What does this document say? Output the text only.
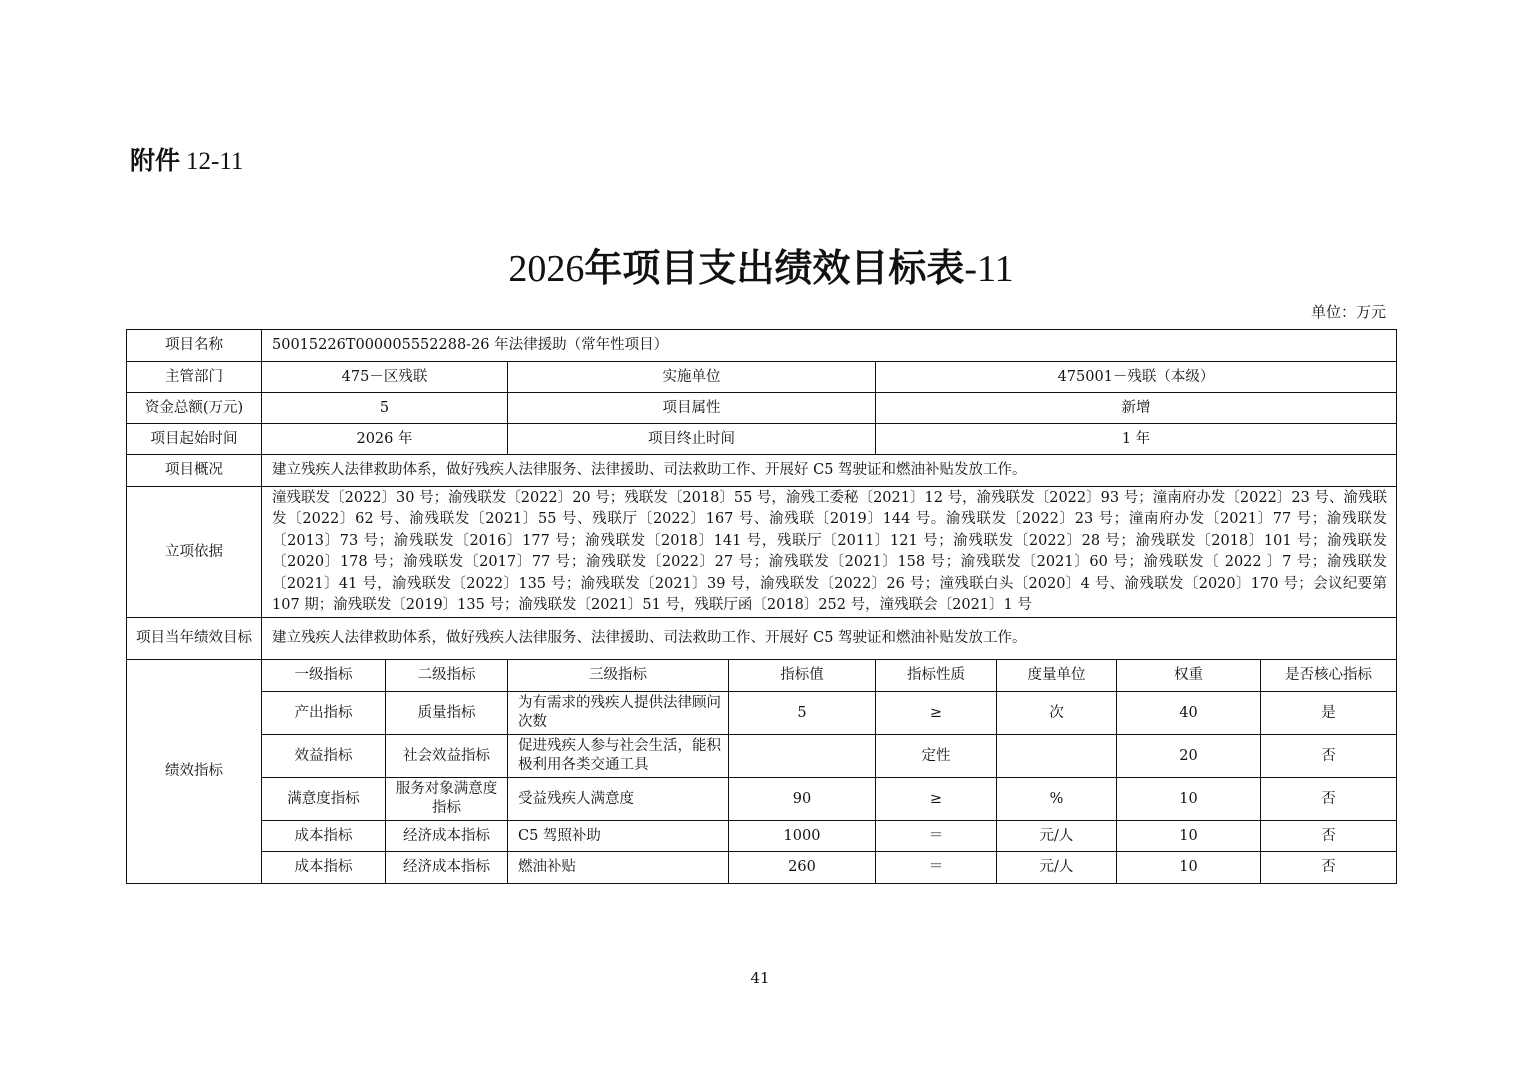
附件 12-11
2026年项目支出绩效目标表-11
单位：万元
项目名称	50015226T000005552288-26 年法律援助（常年性项目）							
主管部门	475－区残联		实施单位		475001－残联（本级）			
资金总额(万元)	5		项目属性		新增			
项目起始时间	2026 年		项目终止时间		1 年			
项目概况	建立残疾人法律救助体系，做好残疾人法律服务、法律援助、司法救助工作、开展好 C5 驾驶证和燃油补贴发放工作。							
立项依据	潼残联发〔2022〕30 号；渝残联发〔2022〕20 号；残联发〔2018〕55 号，渝残工委秘〔2021〕12 号，渝残联发〔2022〕93 号；潼南府办发〔2022〕23 号、渝残联发〔2022〕62 号、渝残联发〔2021〕55 号、残联厅〔2022〕167 号、渝残联〔2019〕144 号。渝残联发〔2022〕23 号；潼南府办发〔2021〕77 号；渝残联发〔2013〕73 号；渝残联发〔2016〕177 号；渝残联发〔2018〕141 号，残联厅〔2011〕121 号；渝残联发〔2022〕28 号；渝残联发〔2018〕101 号；渝残联发〔2020〕178 号；渝残联发〔2017〕77 号；渝残联发〔2022〕27 号；渝残联发〔2021〕158 号；渝残联发〔2021〕60 号；渝残联发〔 2022 〕7 号；渝残联发〔2021〕41 号，渝残联发〔2022〕135 号；渝残联发〔2021〕39 号，渝残联发〔2022〕26 号；潼残联白头〔2020〕4 号、渝残联发〔2020〕170 号；会议纪要第 107 期；渝残联发〔2019〕135 号；渝残联发〔2021〕51 号，残联厅函〔2018〕252 号，潼残联会〔2021〕1 号							
项目当年绩效目标	建立残疾人法律救助体系，做好残疾人法律服务、法律援助、司法救助工作、开展好 C5 驾驶证和燃油补贴发放工作。							
绩效指标	一级指标	二级指标	三级指标	指标值	指标性质	度量单位	权重	是否核心指标
	产出指标	质量指标	为有需求的残疾人提供法律顾问次数	5	≥	次	40	是
	效益指标	社会效益指标	促进残疾人参与社会生活，能积极利用各类交通工具		定性		20	否
	满意度指标	服务对象满意度指标	受益残疾人满意度	90	≥	%	10	否
	成本指标	经济成本指标	C5 驾照补助	1000	＝	元/人	10	否
	成本指标	经济成本指标	燃油补贴	260	＝	元/人	10	否
41
